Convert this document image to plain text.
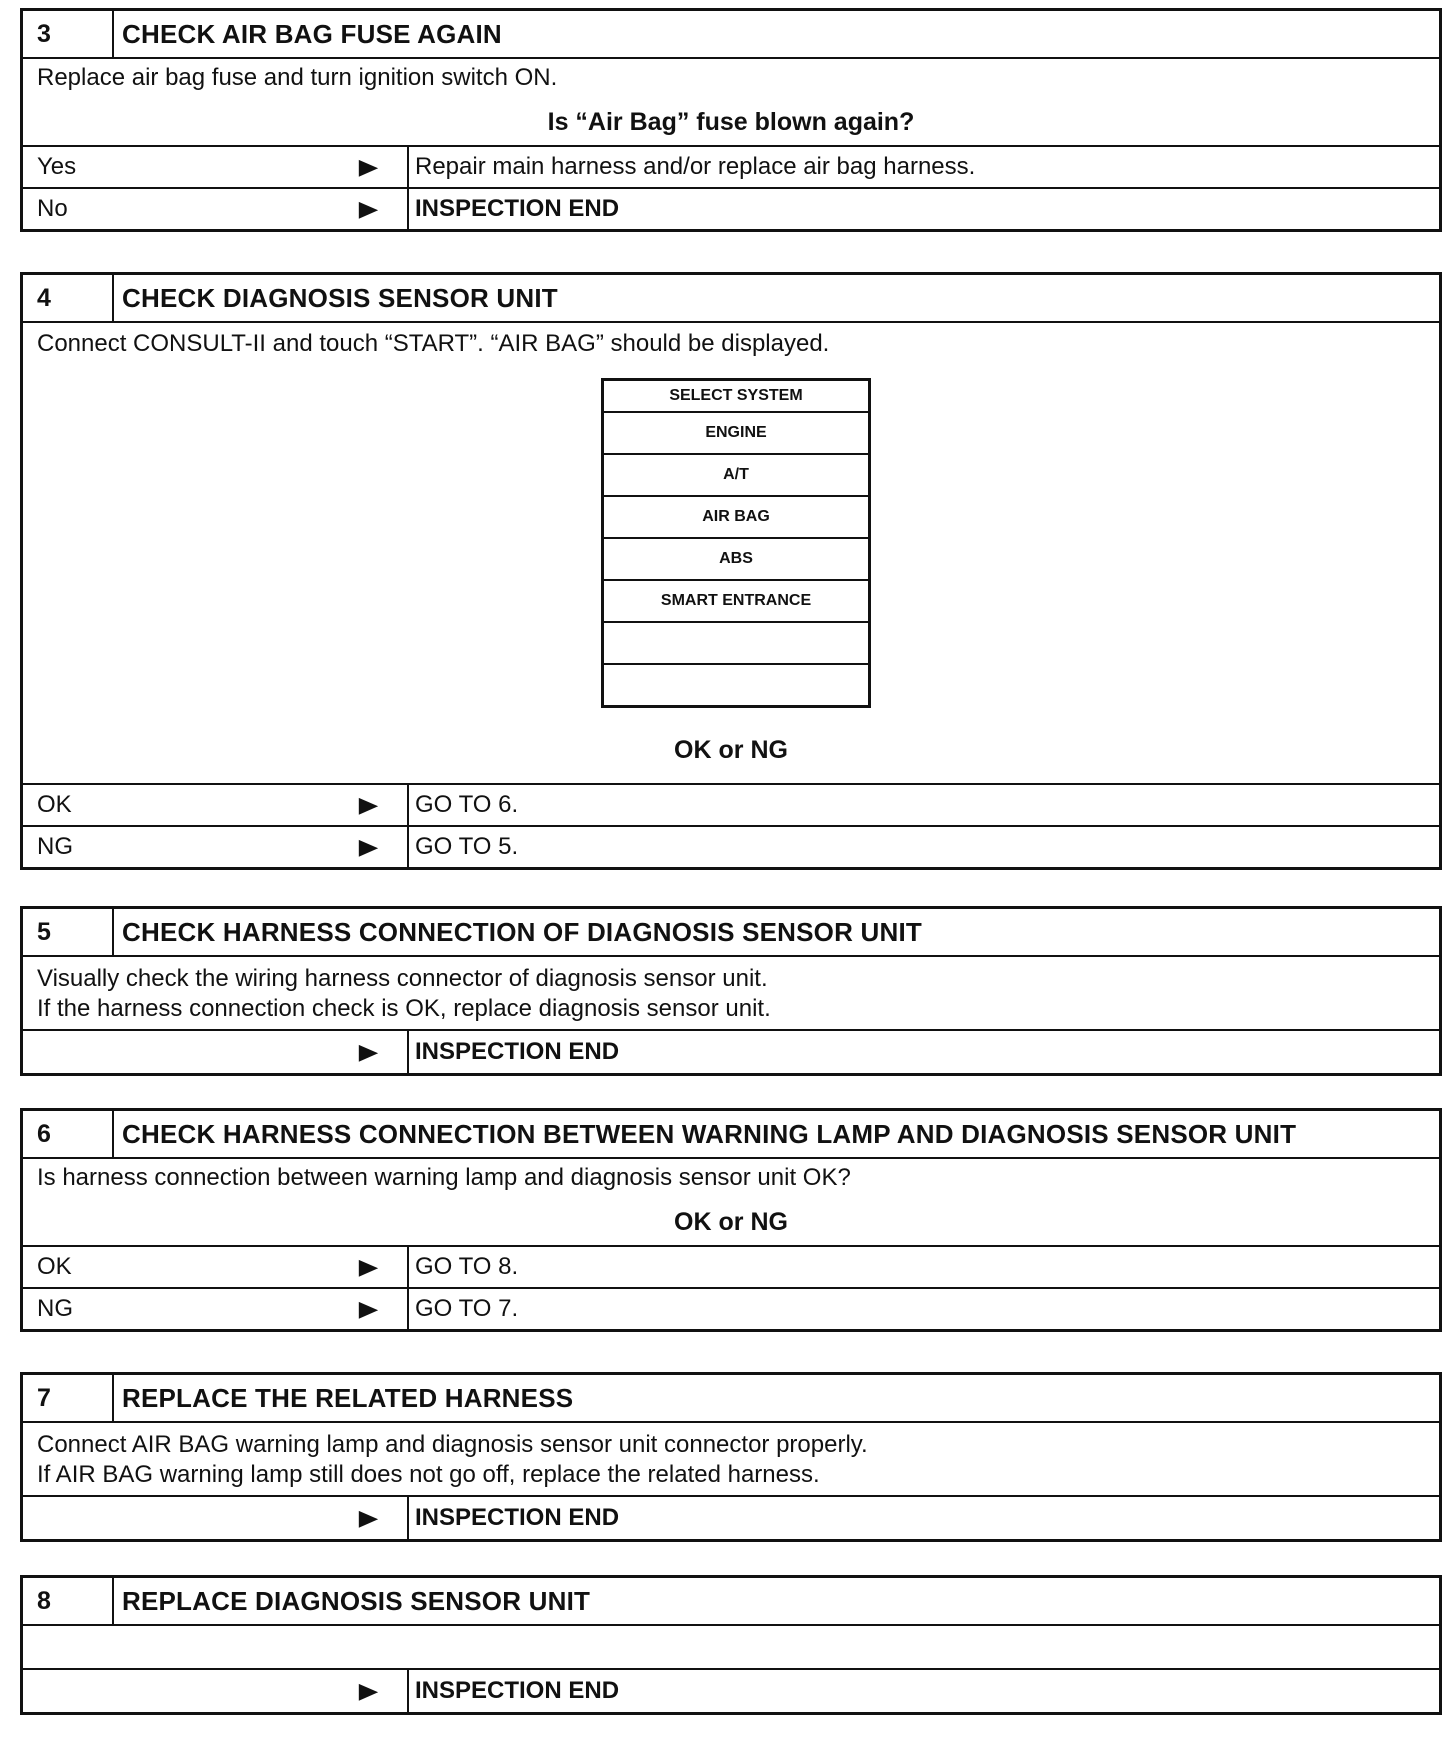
3	CHECK AIR BAG FUSE AGAIN
Replace air bag fuse and turn ignition switch ON.
Is “Air Bag” fuse blown again?
Yes	▶ Repair main harness and/or replace air bag harness.
No	▶ INSPECTION END
4	CHECK DIAGNOSIS SENSOR UNIT
Connect CONSULT-II and touch “START”. “AIR BAG” should be displayed.
OK or NG
OK	▶ GO TO 6.
NG	▶ GO TO 5.
SELECT SYSTEM
ENGINE
A/T
AIR BAG
ABS
SMART ENTRANCE
5	CHECK HARNESS CONNECTION OF DIAGNOSIS SENSOR UNIT
Visually check the wiring harness connector of diagnosis sensor unit.
If the harness connection check is OK, replace diagnosis sensor unit.
▶ INSPECTION END
6	CHECK HARNESS CONNECTION BETWEEN WARNING LAMP AND DIAGNOSIS SENSOR UNIT
Is harness connection between warning lamp and diagnosis sensor unit OK?
OK or NG
OK	▶ GO TO 8.
NG	▶ GO TO 7.
7	REPLACE THE RELATED HARNESS
Connect AIR BAG warning lamp and diagnosis sensor unit connector properly.
If AIR BAG warning lamp still does not go off, replace the related harness.
▶ INSPECTION END
8	REPLACE DIAGNOSIS SENSOR UNIT
▶ INSPECTION END
